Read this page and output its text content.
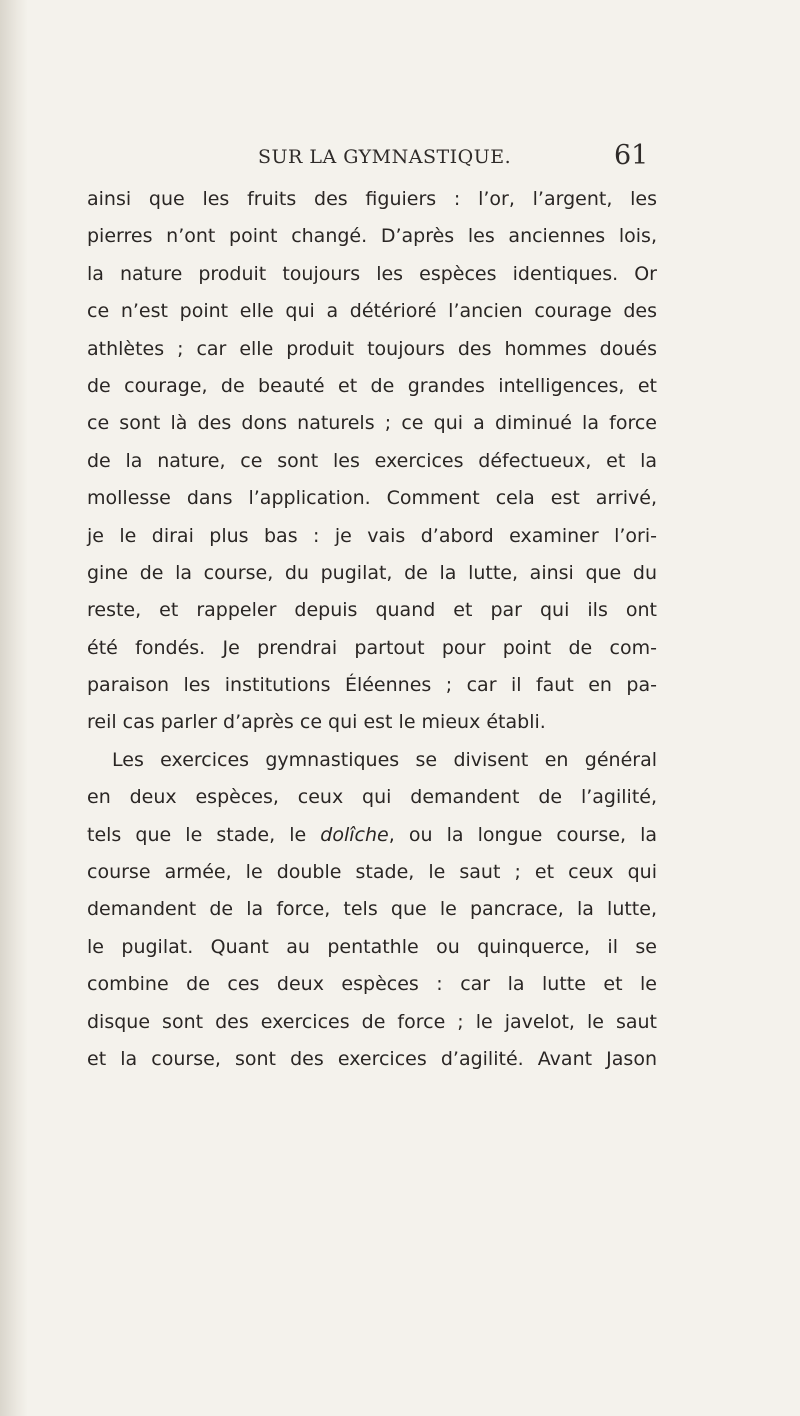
SUR LA GYMNASTIQUE.	61
ainsi que les fruits des figuiers : l’or, l’argent, les
pierres n’ont point changé. D’après les anciennes lois,
la nature produit toujours les espèces identiques. Or
ce n’est point elle qui a détérioré l’ancien courage des
athlètes ; car elle produit toujours des hommes doués
de courage, de beauté et de grandes intelligences, et
ce sont là des dons naturels ; ce qui a diminué la force
de la nature, ce sont les exercices défectueux, et la
mollesse dans l’application. Comment cela est arrivé,
je le dirai plus bas : je vais d’abord examiner l’ori-
gine de la course, du pugilat, de la lutte, ainsi que du
reste, et rappeler depuis quand et par qui ils ont
été fondés. Je prendrai partout pour point de com-
paraison les institutions Éléennes ; car il faut en pa-
reil cas parler d’après ce qui est le mieux établi.
Les exercices gymnastiques se divisent en général
en deux espèces, ceux qui demandent de l’agilité,
tels que le stade, le dolîche, ou la longue course, la
course armée, le double stade, le saut ; et ceux qui
demandent de la force, tels que le pancrace, la lutte,
le pugilat. Quant au pentathle ou quinquerce, il se
combine de ces deux espèces : car la lutte et le
disque sont des exercices de force ; le javelot, le saut
et la course, sont des exercices d’agilité. Avant Jason
